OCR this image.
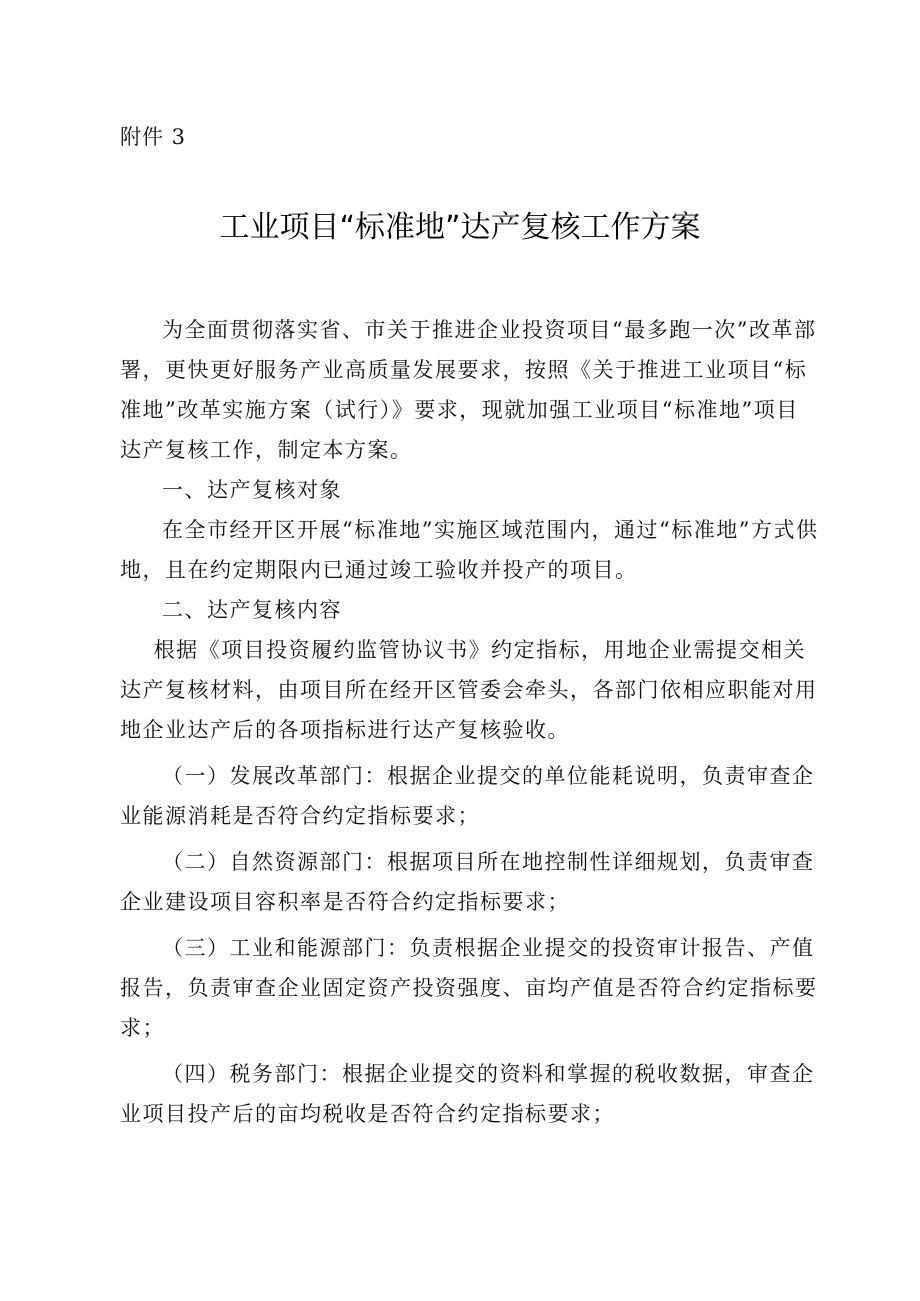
附件 3
工业项目“标准地”达产复核工作方案

为全面贯彻落实省、市关于推进企业投资项目“最多跑一次”改革部署，更快更好服务产业高质量发展要求，按照《关于推进工业项目“标准地”改革实施方案（试行）》要求，现就加强工业项目“标准地”项目达产复核工作，制定本方案。

一、达产复核对象

在全市经开区开展“标准地”实施区域范围内，通过“标准地”方式供地，且在约定期限内已通过竣工验收并投产的项目。

二、达产复核内容

根据《项目投资履约监管协议书》约定指标，用地企业需提交相关达产复核材料，由项目所在经开区管委会牵头，各部门依相应职能对用地企业达产后的各项指标进行达产复核验收。

（一）发展改革部门：根据企业提交的单位能耗说明，负责审查企业能源消耗是否符合约定指标要求；

（二）自然资源部门：根据项目所在地控制性详细规划，负责审查企业建设项目容积率是否符合约定指标要求；

（三）工业和能源部门：负责根据企业提交的投资审计报告、产值报告，负责审查企业固定资产投资强度、亩均产值是否符合约定指标要求；

（四）税务部门：根据企业提交的资料和掌握的税收数据，审查企业项目投产后的亩均税收是否符合约定指标要求；
